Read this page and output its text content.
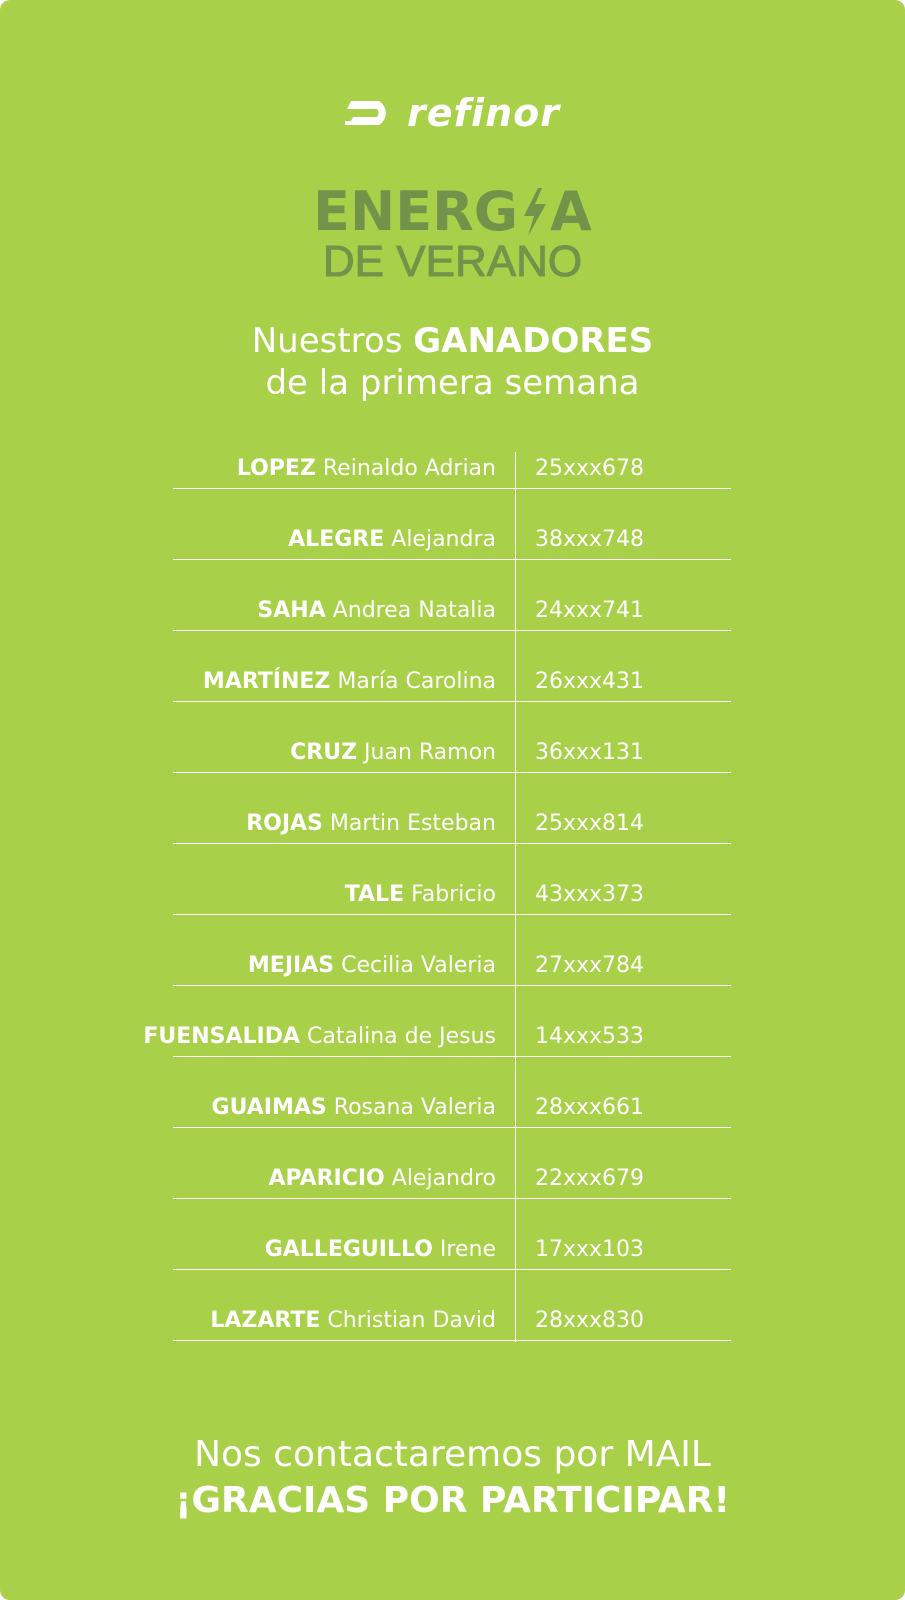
refinor
ENERG A
DE VERANO
Nuestros GANADORES
de la primera semana
LOPEZ Reinaldo Adrian 25xxx678
ALEGRE Alejandra 38xxx748
SAHA Andrea Natalia 24xxx741
MARTÍNEZ María Carolina 26xxx431
CRUZ Juan Ramon 36xxx131
ROJAS Martin Esteban 25xxx814
TALE Fabricio 43xxx373
MEJIAS Cecilia Valeria 27xxx784
FUENSALIDA Catalina de Jesus 14xxx533
GUAIMAS Rosana Valeria 28xxx661
APARICIO Alejandro 22xxx679
GALLEGUILLO Irene 17xxx103
LAZARTE Christian David 28xxx830
Nos contactaremos por MAIL
¡GRACIAS POR PARTICIPAR!
